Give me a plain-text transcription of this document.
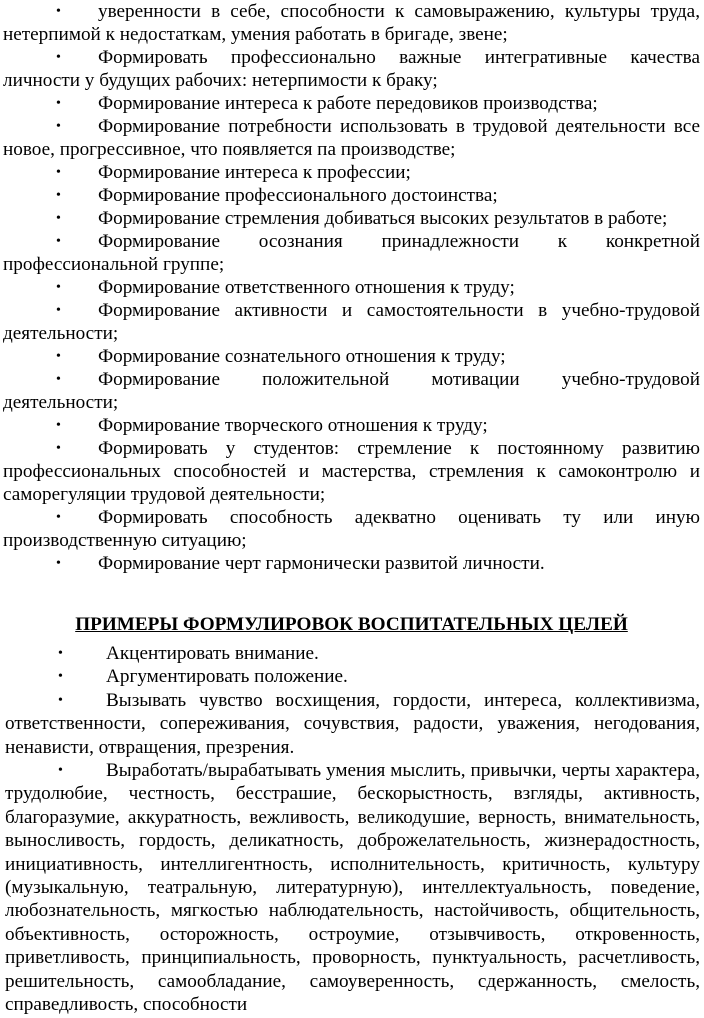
• уверенности в себе, способности к самовыражению, культуры труда, нетерпимой к недостаткам, умения работать в бригаде, звене;

• Формировать профессионально важные интегративные качества личности у будущих рабочих: нетерпимости к браку;

• Формирование интереса к работе передовиков производства;

• Формирование потребности использовать в трудовой деятельности все новое, прогрессивное, что появляется па производстве;

• Формирование интереса к профессии;

• Формирование профессионального достоинства;

• Формирование стремления добиваться высоких результатов в работе;

• Формирование осознания принадлежности к конкретной профессиональной группе;

• Формирование ответственного отношения к труду;

• Формирование активности и самостоятельности в учебно-трудовой деятельности;

• Формирование сознательного отношения к труду;

• Формирование положительной мотивации учебно-трудовой деятельности;

• Формирование творческого отношения к труду;

• Формировать у студентов: стремление к постоянному развитию профессиональных способностей и мастерства, стремления к самоконтролю и саморегуляции трудовой деятельности;

• Формировать способность адекватно оценивать ту или иную производственную ситуацию;

• Формирование черт гармонически развитой личности.

ПРИМЕРЫ ФОРМУЛИРОВОК ВОСПИТАТЕЛЬНЫХ ЦЕЛЕЙ

• Акцентировать внимание.

• Аргументировать положение.

• Вызывать чувство восхищения, гордости, интереса, коллективизма, ответственности, сопереживания, сочувствия, радости, уважения, негодования, ненависти, отвращения, презрения.

• Выработать/вырабатывать умения мыслить, привычки, черты характера, трудолюбие, честность, бесстрашие, бескорыстность, взгляды, активность, благоразумие, аккуратность, вежливость, великодушие, верность, внимательность, выносливость, гордость, деликатность, доброжелательность, жизнерадостность, инициативность, интеллигентность, исполнительность, критичность, культуру (музыкальную, театральную, литературную), интеллектуальность, поведение, любознательность, мягкостью наблюдательность, настойчивость, общительность, объективность, осторожность, остроумие, отзывчивость, откровенность, приветливость, принципиальность, проворность, пунктуальность, расчетливость, решительность, самообладание, самоуверенность, сдержанность, смелость, справедливость, способности
